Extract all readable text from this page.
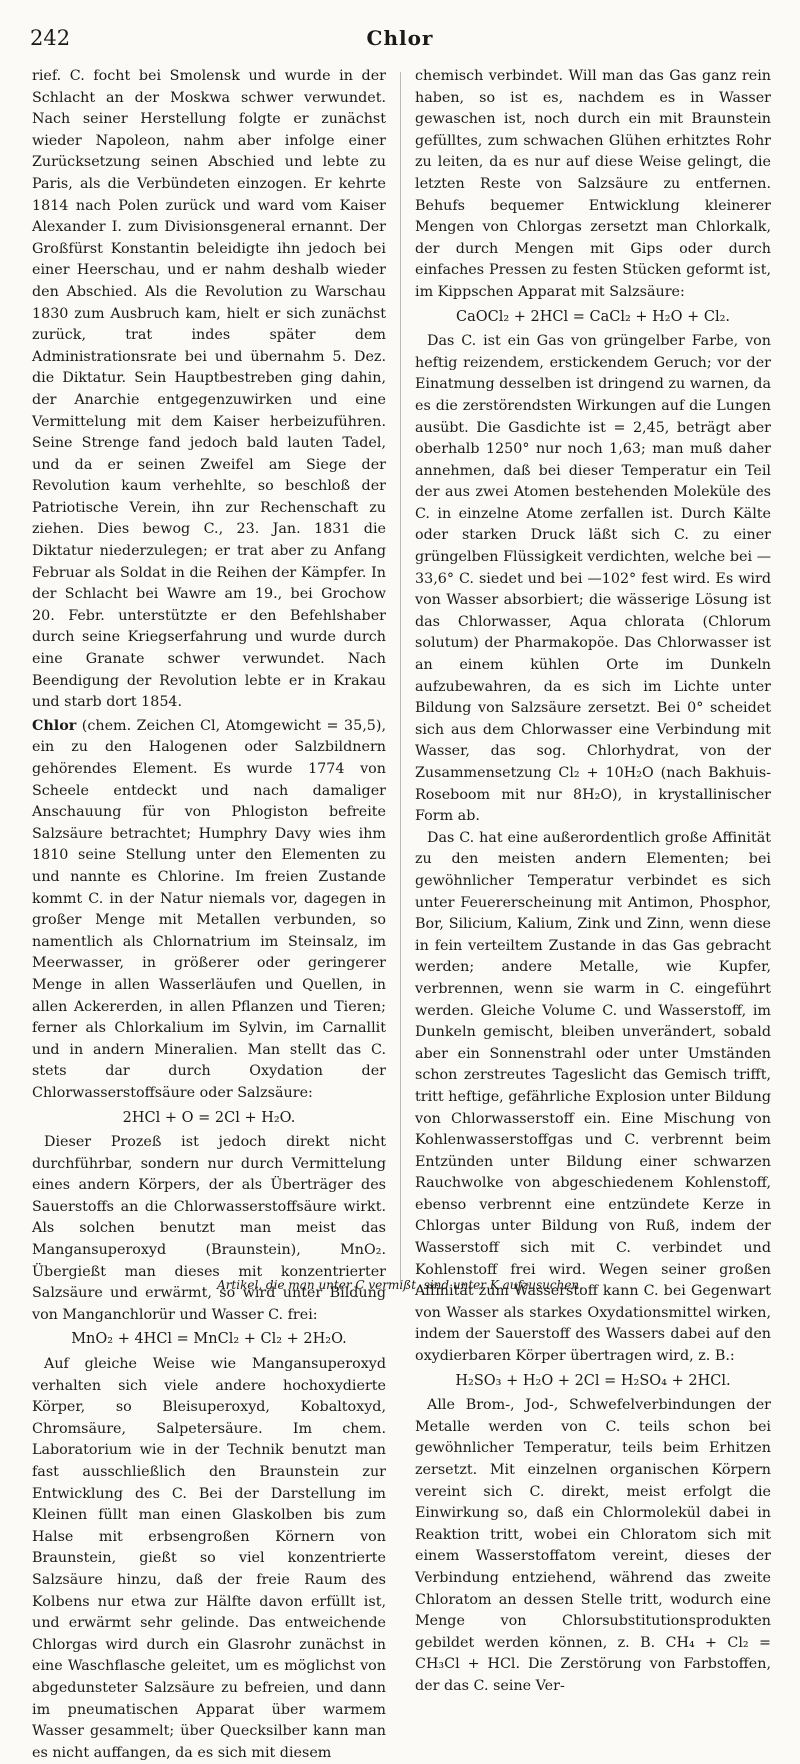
242	Chlor

rief. C. focht bei Smolensk und wurde in der Schlacht an der Moskwa schwer verwundet. Nach seiner Herstellung folgte er zunächst wieder Napoleon, nahm aber infolge einer Zurücksetzung seinen Abschied und lebte zu Paris, als die Verbündeten einzogen. Er kehrte 1814 nach Polen zurück und ward vom Kaiser Alexander I. zum Divisionsgeneral ernannt. Der Großfürst Konstantin beleidigte ihn jedoch bei einer Heerschau, und er nahm deshalb wieder den Abschied. Als die Revolution zu Warschau 1830 zum Ausbruch kam, hielt er sich zunächst zurück, trat indes später dem Administrationsrate bei und übernahm 5. Dez. die Diktatur. Sein Hauptbestreben ging dahin, der Anarchie entgegenzuwirken und eine Vermittelung mit dem Kaiser herbeizuführen. Seine Strenge fand jedoch bald lauten Tadel, und da er seinen Zweifel am Siege der Revolution kaum verhehlte, so beschloß der Patriotische Verein, ihn zur Rechenschaft zu ziehen. Dies bewog C., 23. Jan. 1831 die Diktatur niederzulegen; er trat aber zu Anfang Februar als Soldat in die Reihen der Kämpfer. In der Schlacht bei Wawre am 19., bei Grochow 20. Febr. unterstützte er den Befehlshaber durch seine Kriegserfahrung und wurde durch eine Granate schwer verwundet. Nach Beendigung der Revolution lebte er in Krakau und starb dort 1854.

Chlor (chem. Zeichen Cl, Atomgewicht = 35,5), ein zu den Halogenen oder Salzbildnern gehörendes Element. Es wurde 1774 von Scheele entdeckt und nach damaliger Anschauung für von Phlogiston befreite Salzsäure betrachtet; Humphry Davy wies ihm 1810 seine Stellung unter den Elementen zu und nannte es Chlorine. Im freien Zustande kommt C. in der Natur niemals vor, dagegen in großer Menge mit Metallen verbunden, so namentlich als Chlornatrium im Steinsalz, im Meerwasser, in größerer oder geringerer Menge in allen Wasserläufen und Quellen, in allen Ackererden, in allen Pflanzen und Tieren; ferner als Chlorkalium im Sylvin, im Carnallit und in andern Mineralien. Man stellt das C. stets dar durch Oxydation der Chlorwasserstoffsäure oder Salzsäure:

2HCl + O = 2Cl + H₂O.

Dieser Prozeß ist jedoch direkt nicht durchführbar, sondern nur durch Vermittelung eines andern Körpers, der als Überträger des Sauerstoffs an die Chlorwasserstoffsäure wirkt. Als solchen benutzt man meist das Mangansuperoxyd (Braunstein), MnO₂. Übergießt man dieses mit konzentrierter Salzsäure und erwärmt, so wird unter Bildung von Manganchlorür und Wasser C. frei:

MnO₂ + 4HCl = MnCl₂ + Cl₂ + 2H₂O.

Auf gleiche Weise wie Mangansuperoxyd verhalten sich viele andere hochoxydierte Körper, so Bleisuperoxyd, Kobaltoxyd, Chromsäure, Salpetersäure. Im chem. Laboratorium wie in der Technik benutzt man fast ausschließlich den Braunstein zur Entwicklung des C. Bei der Darstellung im Kleinen füllt man einen Glaskolben bis zum Halse mit erbsengroßen Körnern von Braunstein, gießt so viel konzentrierte Salzsäure hinzu, daß der freie Raum des Kolbens nur etwa zur Hälfte davon erfüllt ist, und erwärmt sehr gelinde. Das entweichende Chlorgas wird durch ein Glasrohr zunächst in eine Waschflasche geleitet, um es möglichst von abgedunsteter Salzsäure zu befreien, und dann im pneumatischen Apparat über warmem Wasser gesammelt; über Quecksilber kann man es nicht auffangen, da es sich mit diesem

chemisch verbindet. Will man das Gas ganz rein haben, so ist es, nachdem es in Wasser gewaschen ist, noch durch ein mit Braunstein gefülltes, zum schwachen Glühen erhitztes Rohr zu leiten, da es nur auf diese Weise gelingt, die letzten Reste von Salzsäure zu entfernen. Behufs bequemer Entwicklung kleinerer Mengen von Chlorgas zersetzt man Chlorkalk, der durch Mengen mit Gips oder durch einfaches Pressen zu festen Stücken geformt ist, im Kippschen Apparat mit Salzsäure:

CaOCl₂ + 2HCl = CaCl₂ + H₂O + Cl₂.

Das C. ist ein Gas von grüngelber Farbe, von heftig reizendem, erstickendem Geruch; vor der Einatmung desselben ist dringend zu warnen, da es die zerstörendsten Wirkungen auf die Lungen ausübt. Die Gasdichte ist = 2,45, beträgt aber oberhalb 1250° nur noch 1,63; man muß daher annehmen, daß bei dieser Temperatur ein Teil der aus zwei Atomen bestehenden Moleküle des C. in einzelne Atome zerfallen ist. Durch Kälte oder starken Druck läßt sich C. zu einer grüngelben Flüssigkeit verdichten, welche bei —33,6° C. siedet und bei —102° fest wird. Es wird von Wasser absorbiert; die wässerige Lösung ist das Chlorwasser, Aqua chlorata (Chlorum solutum) der Pharmakopöe. Das Chlorwasser ist an einem kühlen Orte im Dunkeln aufzubewahren, da es sich im Lichte unter Bildung von Salzsäure zersetzt. Bei 0° scheidet sich aus dem Chlorwasser eine Verbindung mit Wasser, das sog. Chlorhydrat, von der Zusammensetzung Cl₂ + 10H₂O (nach Bakhuis-Roseboom mit nur 8H₂O), in krystallinischer Form ab.

Das C. hat eine außerordentlich große Affinität zu den meisten andern Elementen; bei gewöhnlicher Temperatur verbindet es sich unter Feuererscheinung mit Antimon, Phosphor, Bor, Silicium, Kalium, Zink und Zinn, wenn diese in fein verteiltem Zustande in das Gas gebracht werden; andere Metalle, wie Kupfer, verbrennen, wenn sie warm in C. eingeführt werden. Gleiche Volume C. und Wasserstoff, im Dunkeln gemischt, bleiben unverändert, sobald aber ein Sonnenstrahl oder unter Umständen schon zerstreutes Tageslicht das Gemisch trifft, tritt heftige, gefährliche Explosion unter Bildung von Chlorwasserstoff ein. Eine Mischung von Kohlenwasserstoffgas und C. verbrennt beim Entzünden unter Bildung einer schwarzen Rauchwolke von abgeschiedenem Kohlenstoff, ebenso verbrennt eine entzündete Kerze in Chlorgas unter Bildung von Ruß, indem der Wasserstoff sich mit C. verbindet und Kohlenstoff frei wird. Wegen seiner großen Affinität zum Wasserstoff kann C. bei Gegenwart von Wasser als starkes Oxydationsmittel wirken, indem der Sauerstoff des Wassers dabei auf den oxydierbaren Körper übertragen wird, z. B.:

H₂SO₃ + H₂O + 2Cl = H₂SO₄ + 2HCl.

Alle Brom-, Jod-, Schwefelverbindungen der Metalle werden von C. teils schon bei gewöhnlicher Temperatur, teils beim Erhitzen zersetzt. Mit einzelnen organischen Körpern vereint sich C. direkt, meist erfolgt die Einwirkung so, daß ein Chlormolekül dabei in Reaktion tritt, wobei ein Chloratom sich mit einem Wasserstoffatom vereint, dieses der Verbindung entziehend, während das zweite Chloratom an dessen Stelle tritt, wodurch eine Menge von Chlorsubstitutionsprodukten gebildet werden können, z. B. CH₄ + Cl₂ = CH₃Cl + HCl. Die Zerstörung von Farbstoffen, der das C. seine Ver-

Artikel, die man unter C vermißt, sind unter K aufzusuchen.
